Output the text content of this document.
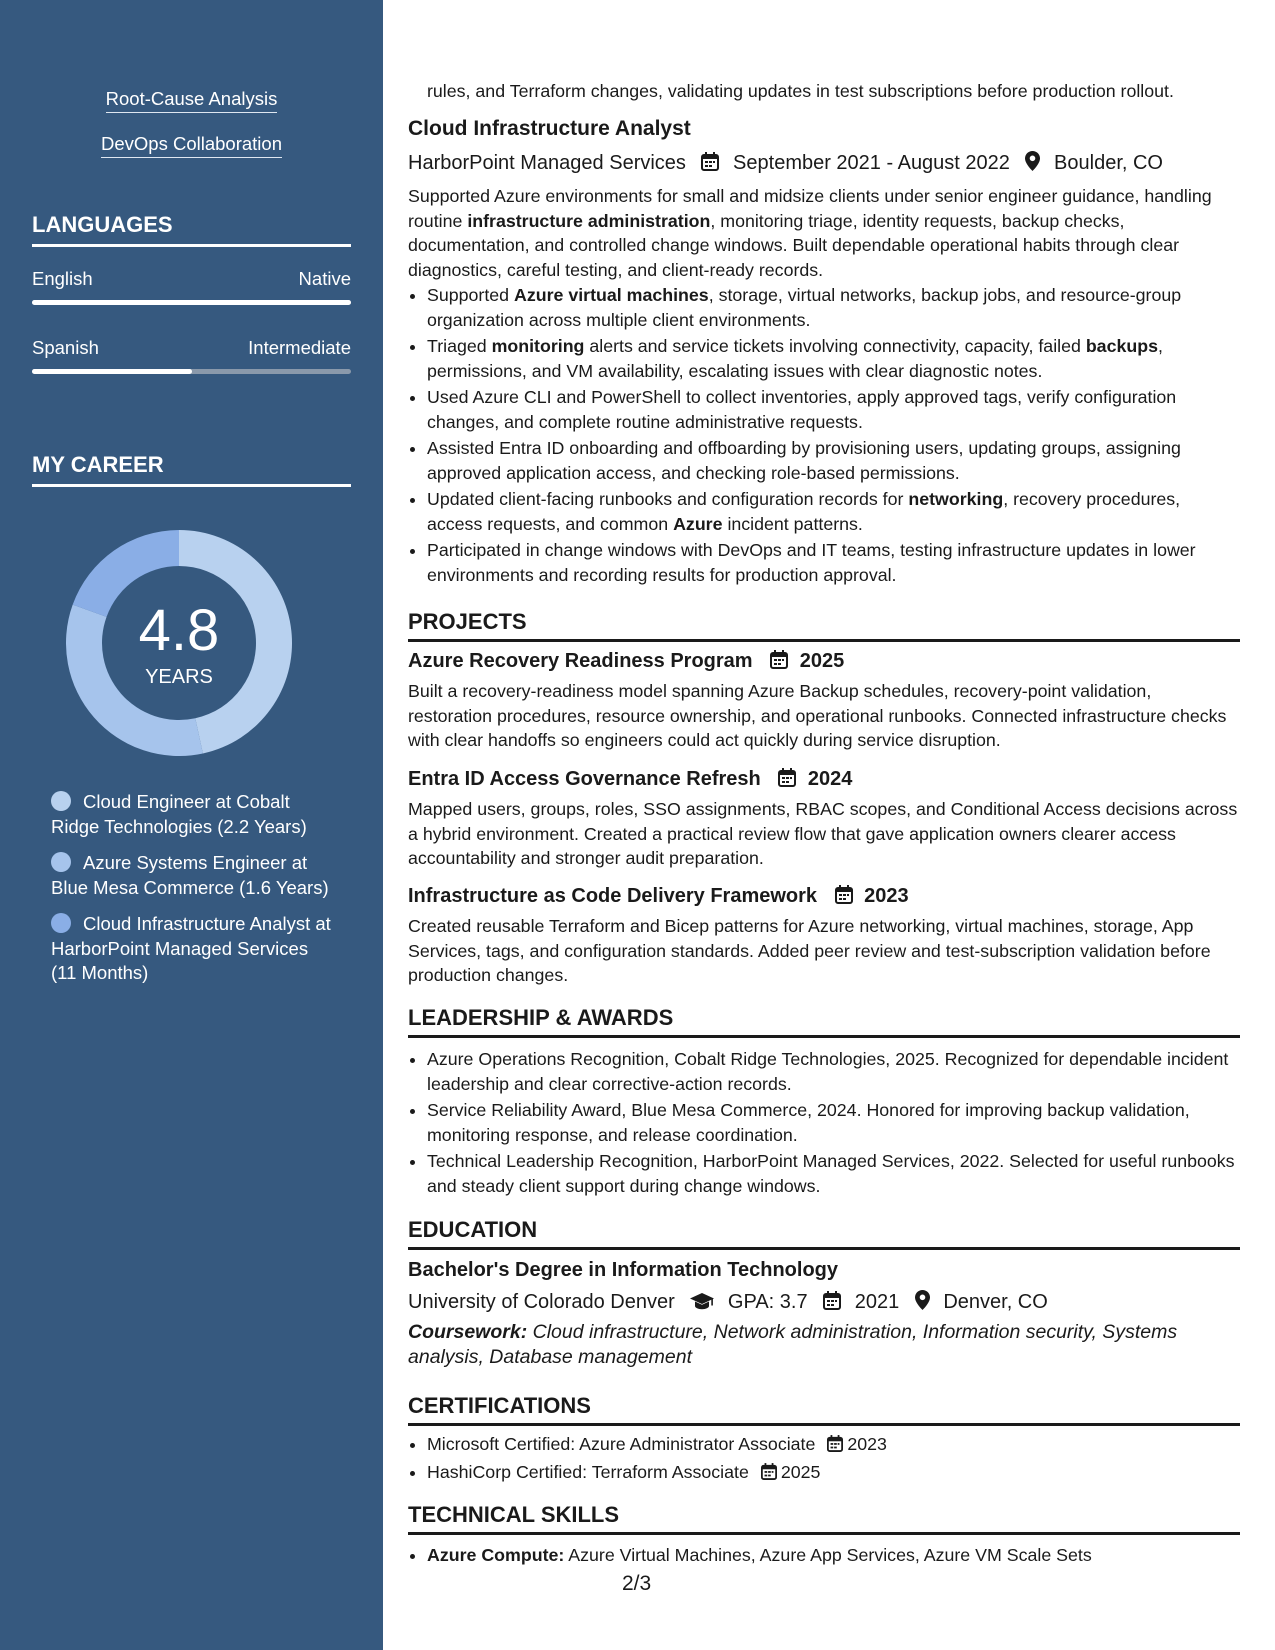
Root-Cause Analysis
DevOps Collaboration
LANGUAGES
English	Native
Spanish	Intermediate
MY CAREER
4.8
YEARS
Cloud Engineer at Cobalt Ridge Technologies (2.2 Years)
Azure Systems Engineer at Blue Mesa Commerce (1.6 Years)
Cloud Infrastructure Analyst at HarborPoint Managed Services (11 Months)
rules, and Terraform changes, validating updates in test subscriptions before production rollout.
Cloud Infrastructure Analyst
HarborPoint Managed Services September 2021 - August 2022 Boulder, CO
Supported Azure environments for small and midsize clients under senior engineer guidance, handling routine infrastructure administration, monitoring triage, identity requests, backup checks, documentation, and controlled change windows. Built dependable operational habits through clear diagnostics, careful testing, and client-ready records.
• Supported Azure virtual machines, storage, virtual networks, backup jobs, and resource-group organization across multiple client environments.
• Triaged monitoring alerts and service tickets involving connectivity, capacity, failed backups, permissions, and VM availability, escalating issues with clear diagnostic notes.
• Used Azure CLI and PowerShell to collect inventories, apply approved tags, verify configuration changes, and complete routine administrative requests.
• Assisted Entra ID onboarding and offboarding by provisioning users, updating groups, assigning approved application access, and checking role-based permissions.
• Updated client-facing runbooks and configuration records for networking, recovery procedures, access requests, and common Azure incident patterns.
• Participated in change windows with DevOps and IT teams, testing infrastructure updates in lower environments and recording results for production approval.
PROJECTS
Azure Recovery Readiness Program 2025
Built a recovery-readiness model spanning Azure Backup schedules, recovery-point validation, restoration procedures, resource ownership, and operational runbooks. Connected infrastructure checks with clear handoffs so engineers could act quickly during service disruption.
Entra ID Access Governance Refresh 2024
Mapped users, groups, roles, SSO assignments, RBAC scopes, and Conditional Access decisions across a hybrid environment. Created a practical review flow that gave application owners clearer access accountability and stronger audit preparation.
Infrastructure as Code Delivery Framework 2023
Created reusable Terraform and Bicep patterns for Azure networking, virtual machines, storage, App Services, tags, and configuration standards. Added peer review and test-subscription validation before production changes.
LEADERSHIP & AWARDS
• Azure Operations Recognition, Cobalt Ridge Technologies, 2025. Recognized for dependable incident leadership and clear corrective-action records.
• Service Reliability Award, Blue Mesa Commerce, 2024. Honored for improving backup validation, monitoring response, and release coordination.
• Technical Leadership Recognition, HarborPoint Managed Services, 2022. Selected for useful runbooks and steady client support during change windows.
EDUCATION
Bachelor's Degree in Information Technology
University of Colorado Denver	GPA: 3.7 2021 Denver, CO
Coursework: Cloud infrastructure, Network administration, Information security, Systems analysis, Database management
CERTIFICATIONS
• Microsoft Certified: Azure Administrator Associate 2023
• HashiCorp Certified: Terraform Associate 2025
TECHNICAL SKILLS
• Azure Compute: Azure Virtual Machines, Azure App Services, Azure VM Scale Sets
2/3
